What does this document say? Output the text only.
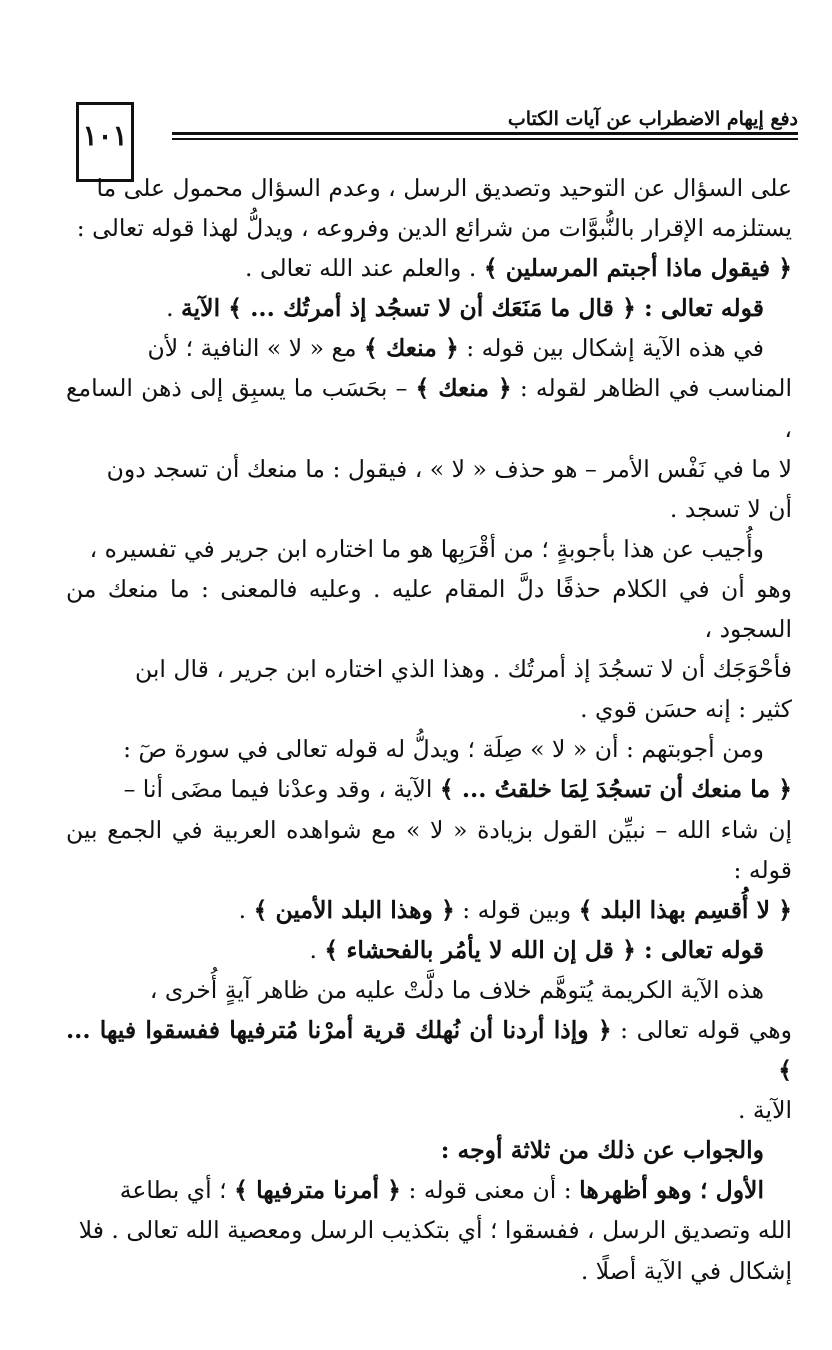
١٠١	دفع إيهام الاضطراب عن آيات الكتاب

على السؤال عن التوحيد وتصديق الرسل ، وعدم السؤال محمول على ما

يستلزمه الإقرار بالنُّبوَّات من شرائع الدين وفروعه ، ويدلُّ لهذا قوله تعالى :

﴿ فيقول ماذا أجبتم المرسلين ﴾ . والعلم عند الله تعالى .

قوله تعالى : ﴿ قال ما مَنَعَك أن لا تسجُد إذ أمرتُك ... ﴾ الآية .

في هذه الآية إشكال بين قوله : ﴿ منعك ﴾ مع « لا » النافية ؛ لأن

المناسب في الظاهر لقوله : ﴿ منعك ﴾ – بحَسَب ما يسبِق إلى ذهن السامع ،

لا ما في نَفْس الأمر – هو حذف « لا » ، فيقول : ما منعك أن تسجد دون

أن لا تسجد .

وأُجيب عن هذا بأجوبةٍ ؛ من أقْرَبِها هو ما اختاره ابن جرير في تفسيره ،

وهو أن في الكلام حذفًا دلَّ المقام عليه . وعليه فالمعنى : ما منعك من السجود ،

فأحْوَجَك أن لا تسجُدَ إذ أمرتُك . وهذا الذي اختاره ابن جرير ، قال ابن

كثير : إنه حسَن قوي .

ومن أجوبتهم : أن « لا » صِلَة ؛ ويدلُّ له قوله تعالى في سورة صٓ :

﴿ ما منعك أن تسجُدَ لِمَا خلقتُ ... ﴾ الآية ، وقد وعدْنا فيما مضَى أنا –

إن شاء الله – نبيِّن القول بزيادة « لا » مع شواهده العربية في الجمع بين قوله :

﴿ لا أُقسِم بهذا البلد ﴾ وبين قوله : ﴿ وهذا البلد الأمين ﴾ .

قوله تعالى : ﴿ قل إن الله لا يأمُر بالفحشاء ﴾ .

هذه الآية الكريمة يُتوهَّم خلاف ما دلَّتْ عليه من ظاهر آيةٍ أُخرى ،

وهي قوله تعالى : ﴿ وإذا أردنا أن نُهلك قرية أمرْنا مُترفيها ففسقوا فيها ... ﴾

الآية .

والجواب عن ذلك من ثلاثة أوجه :

الأول ؛ وهو أظهرها : أن معنى قوله : ﴿ أمرنا مترفيها ﴾ ؛ أي بطاعة

الله وتصديق الرسل ، ففسقوا ؛ أي بتكذيب الرسل ومعصية الله تعالى . فلا

إشكال في الآية أصلًا .
